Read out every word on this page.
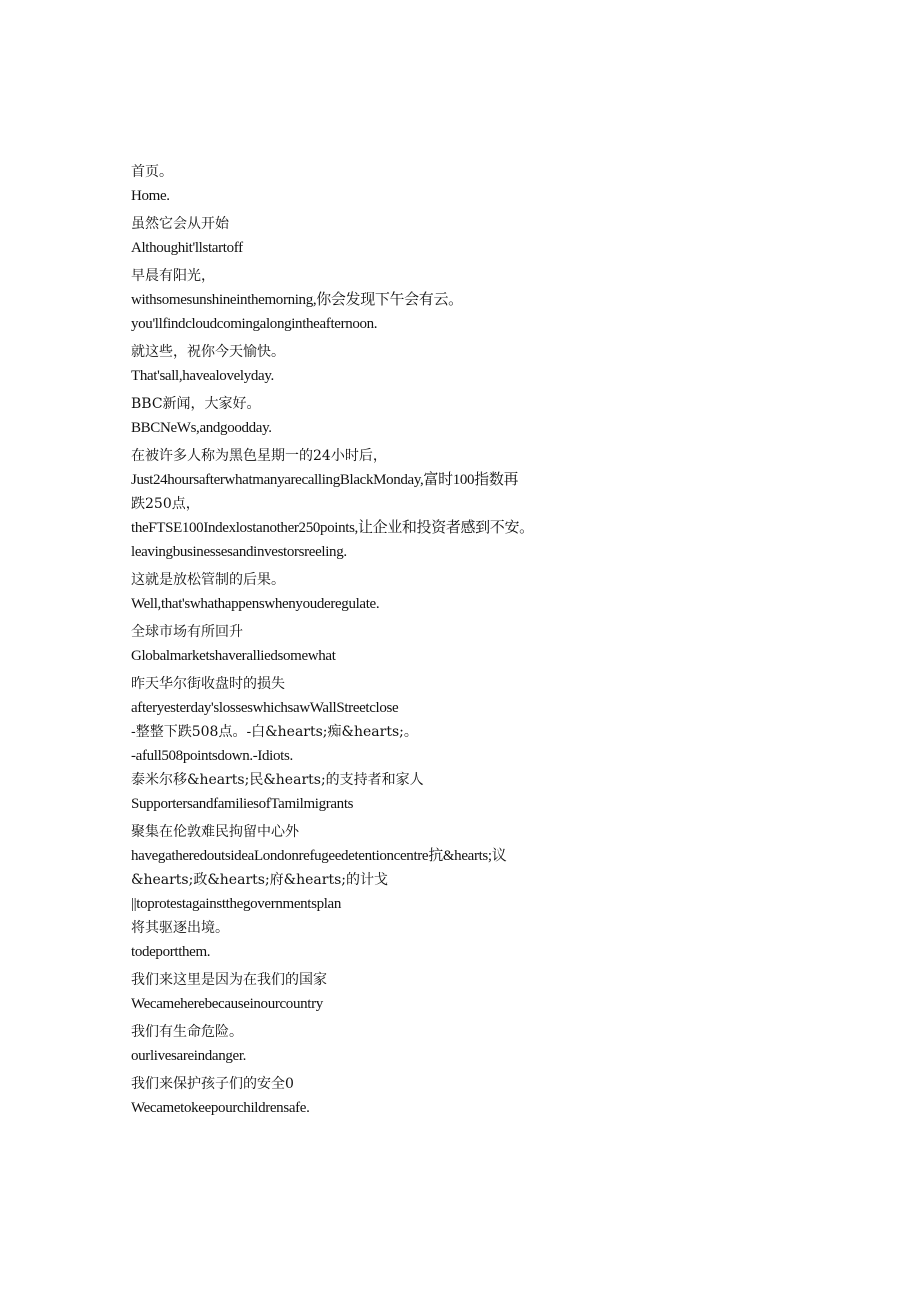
首页。
Home.
虽然它会从开始
Althoughit'llstartoff
早晨有阳光，
withsomesunshineinthemorning,你会发现下午会有云。
you'llfindcloudcomingalongintheafternoon.
就这些，祝你今天愉快。
That'sall,havealovelyday.
BBC新闻，大家好。
BBCNeWs,andgoodday.
在被许多人称为黑色星期一的24小时后，
Just24hoursafterwhatmanyarecallingBlackMonday,富时100指数再
跌250点，
theFTSE100Indexlostanother250points,让企业和投资者感到不安。
leavingbusinessesandinvestorsreeling.
这就是放松管制的后果。
Well,that'swhathappenswhenyouderegulate.
全球市场有所回升
Globalmarketshaveralliedsomewhat
昨天华尔街收盘时的损失
afteryesterday'slosseswhichsawWallStreetclose
-整整下跌508点。-白&hearts;痴&hearts;。
-afull508pointsdown.-Idiots.
泰米尔移&hearts;民&hearts;的支持者和家人
SupportersandfamiliesofTamilmigrants
聚集在伦敦难民拘留中心外
havegatheredoutsideaLondonrefugeedetentioncentre抗&hearts;议
&hearts;政&hearts;府&hearts;的计戈
||toprotestagainstthegovernmentsplan
将其驱逐出境。
todeportthem.
我们来这里是因为在我们的国家
Wecameherebecauseinourcountry
我们有生命危险。
ourlivesareindanger.
我们来保护孩子们的安全0
Wecametokeepourchildrensafe.
